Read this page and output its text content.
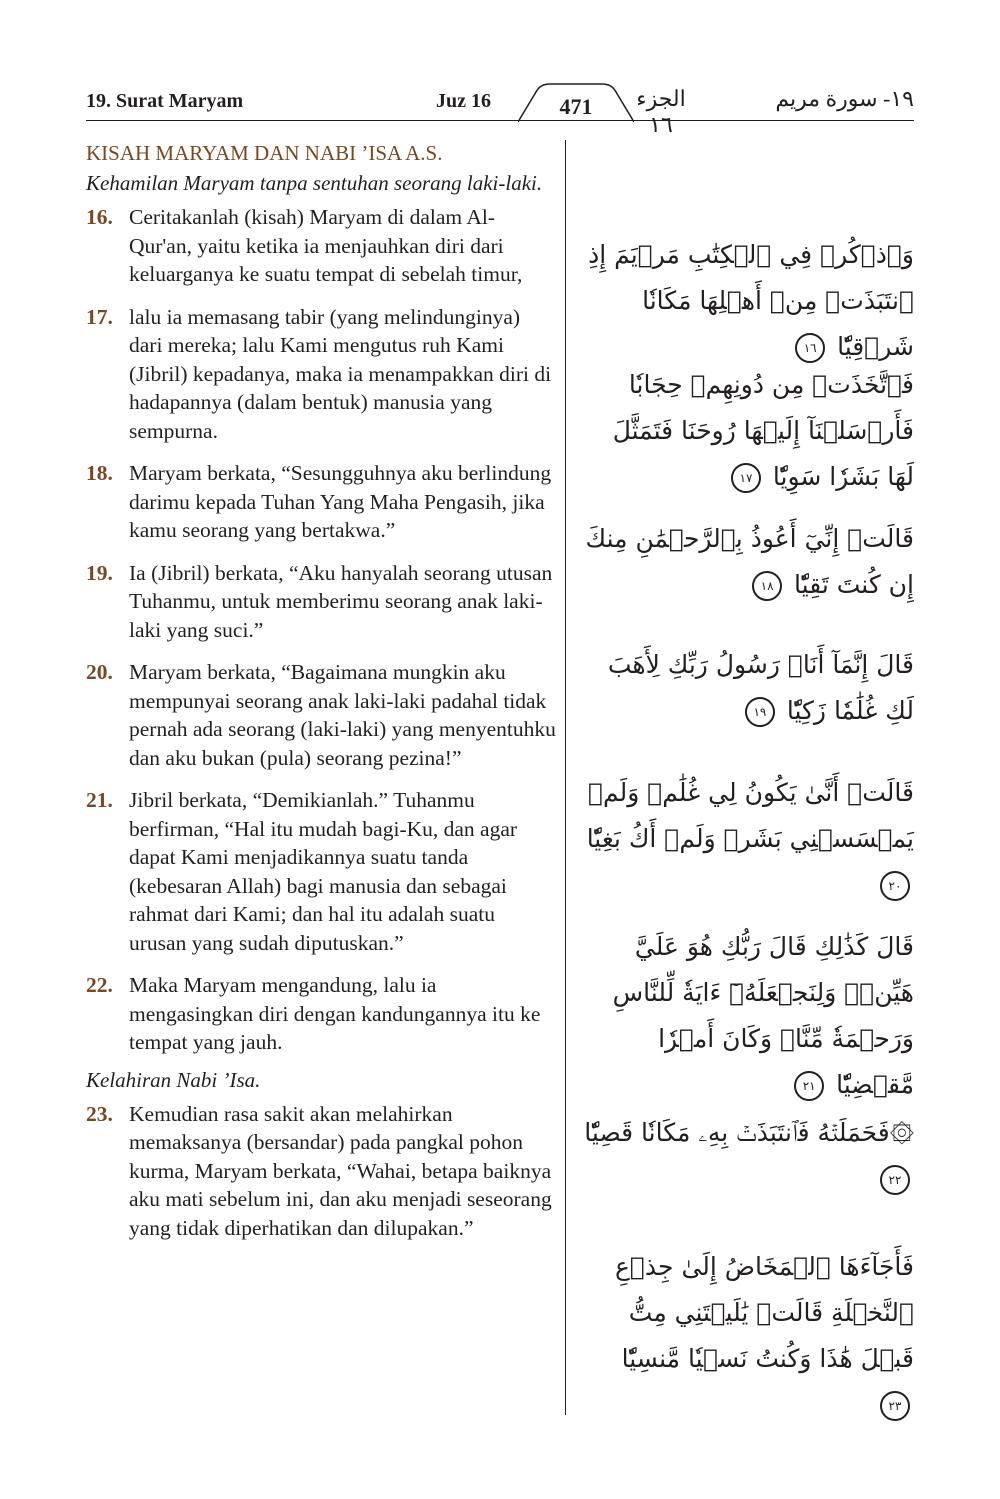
19. Surat Maryam	Juz 16	471	الجزء ١٦
١٩- سورة مريم
KISAH MARYAM DAN NABI ’ISA A.S.
Kehamilan Maryam tanpa sentuhan seorang laki-laki.
16. Ceritakanlah (kisah) Maryam di dalam Al-Qur'an, yaitu ketika ia menjauhkan diri dari keluarganya ke suatu tempat di sebelah timur,
17. lalu ia memasang tabir (yang melindunginya) dari mereka; lalu Kami mengutus ruh Kami (Jibril) kepadanya, maka ia menampakkan diri di hadapannya (dalam bentuk) manusia yang sempurna.
18. Maryam berkata, “Sesungguhnya aku berlindung darimu kepada Tuhan Yang Maha Pengasih, jika kamu seorang yang bertakwa.”
19. Ia (Jibril) berkata, “Aku hanyalah seorang utusan Tuhanmu, untuk memberimu seorang anak laki-laki yang suci.”
20. Maryam berkata, “Bagaimana mungkin aku mempunyai seorang anak laki-laki padahal tidak pernah ada seorang (laki-laki) yang menyentuhku dan aku bukan (pula) seorang pezina!”
21. Jibril berkata, “Demikianlah.” Tuhanmu berfirman, “Hal itu mudah bagi-Ku, dan agar dapat Kami menjadikannya suatu tanda (kebesaran Allah) bagi manusia dan sebagai rahmat dari Kami; dan hal itu adalah suatu urusan yang sudah diputuskan.”
22. Maka Maryam mengandung, lalu ia mengasingkan diri dengan kandungannya itu ke tempat yang jauh.
Kelahiran Nabi ’Isa.
23. Kemudian rasa sakit akan melahirkan memaksanya (bersandar) pada pangkal pohon kurma, Maryam berkata, “Wahai, betapa baiknya aku mati sebelum ini, dan aku menjadi seseorang yang tidak diperhatikan dan dilupakan.”
وَٱذۡكُرۡ فِي ٱلۡكِتَٰبِ مَرۡيَمَ إِذِ ٱنتَبَذَتۡ مِنۡ أَهۡلِهَا مَكَانٗا شَرۡقِيّٗا ١٦
فَٱتَّخَذَتۡ مِن دُونِهِمۡ حِجَابٗا فَأَرۡسَلۡنَآ إِلَيۡهَا رُوحَنَا فَتَمَثَّلَ لَهَا بَشَرٗا سَوِيّٗا ١٧
قَالَتۡ إِنِّيٓ أَعُوذُ بِٱلرَّحۡمَٰنِ مِنكَ إِن كُنتَ تَقِيّٗا ١٨
قَالَ إِنَّمَآ أَنَا۠ رَسُولُ رَبِّكِ لِأَهَبَ لَكِ غُلَٰمٗا زَكِيّٗا ١٩
قَالَتۡ أَنَّىٰ يَكُونُ لِي غُلَٰمٞ وَلَمۡ يَمۡسَسۡنِي بَشَرٞ وَلَمۡ أَكُ بَغِيّٗا ٢٠
قَالَ كَذَٰلِكِ قَالَ رَبُّكِ هُوَ عَلَيَّ هَيِّنٞۖ وَلِنَجۡعَلَهُۥٓ ءَايَةٗ لِّلنَّاسِ وَرَحۡمَةٗ مِّنَّاۚ وَكَانَ أَمۡرٗا مَّقۡضِيّٗا ٢١
۞فَحَمَلَتۡهُ فَٱنتَبَذَتۡ بِهِۦ مَكَانٗا قَصِيّٗا ٢٢
فَأَجَآءَهَا ٱلۡمَخَاضُ إِلَىٰ جِذۡعِ ٱلنَّخۡلَةِ قَالَتۡ يَٰلَيۡتَنِي مِتُّ قَبۡلَ هَٰذَا وَكُنتُ نَسۡيٗا مَّنسِيّٗا ٢٣
